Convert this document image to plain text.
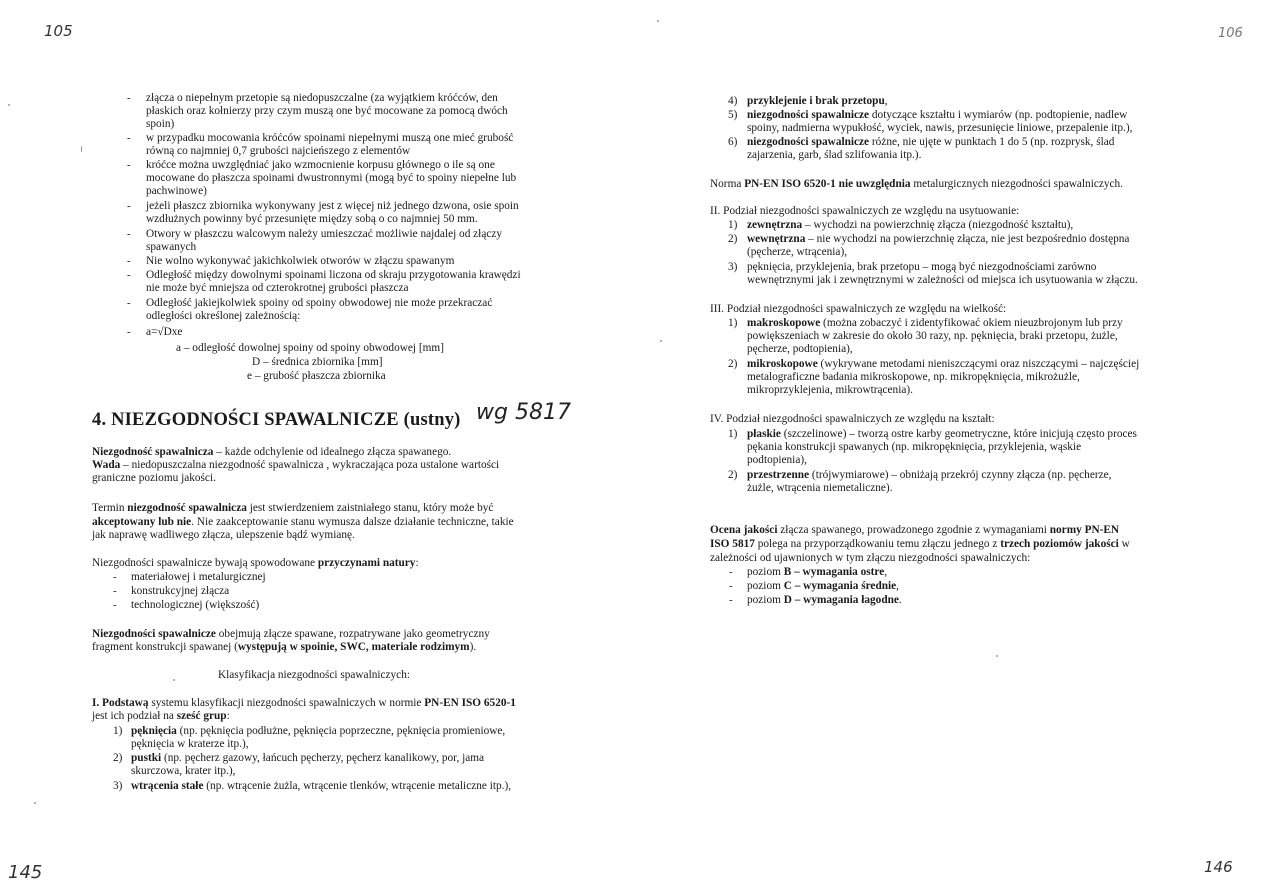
105	106
145	146
- złącza o niepełnym przetopie są niedopuszczalne (za wyjątkiem króćców, den
płaskich oraz kołnierzy przy czym muszą one być mocowane za pomocą dwóch
spoin)
- w przypadku mocowania króćców spoinami niepełnymi muszą one mieć grubość
równą co najmniej 0,7 grubości najcieńszego z elementów
- króćce można uwzględniać jako wzmocnienie korpusu głównego o ile są one
mocowane do płaszcza spoinami dwustronnymi (mogą być to spoiny niepełne lub
pachwinowe)
- jeżeli płaszcz zbiornika wykonywany jest z więcej niż jednego dzwona, osie spoin
wzdłużnych powinny być przesunięte między sobą o co najmniej 50 mm.
- Otwory w płaszczu walcowym należy umieszczać możliwie najdalej od złączy
spawanych
- Nie wolno wykonywać jakichkolwiek otworów w złączu spawanym
- Odległość między dowolnymi spoinami liczona od skraju przygotowania krawędzi
nie może być mniejsza od czterokrotnej grubości płaszcza
- Odległość jakiejkolwiek spoiny od spoiny obwodowej nie może przekraczać
odległości określonej zależnością:
- a=√Dxe
a – odległość dowolnej spoiny od spoiny obwodowej [mm]
D – średnica zbiornika [mm]
e – grubość płaszcza zbiornika
4. NIEZGODNOŚCI SPAWALNICZE (ustny) wg 5817
Niezgodność spawalnicza – każde odchylenie od idealnego złącza spawanego.
Wada – niedopuszczalna niezgodność spawalnicza , wykraczająca poza ustalone wartości
graniczne poziomu jakości.
Termin niezgodność spawalnicza jest stwierdzeniem zaistniałego stanu, który może być
akceptowany lub nie. Nie zaakceptowanie stanu wymusza dalsze działanie techniczne, takie
jak naprawę wadliwego złącza, ulepszenie bądź wymianę.
Niezgodności spawalnicze bywają spowodowane przyczynami natury:
- materiałowej i metalurgicznej
- konstrukcyjnej złącza
- technologicznej (większość)
Niezgodności spawalnicze obejmują złącze spawane, rozpatrywane jako geometryczny
fragment konstrukcji spawanej (występują w spoinie, SWC, materiale rodzimym).
Klasyfikacja niezgodności spawalniczych:
I. Podstawą systemu klasyfikacji niezgodności spawalniczych w normie PN-EN ISO 6520-1
jest ich podział na sześć grup:
1) pęknięcia (np. pęknięcia podłużne, pęknięcia poprzeczne, pęknięcia promieniowe,
pęknięcia w kraterze itp.),
2) pustki (np. pęcherz gazowy, łańcuch pęcherzy, pęcherz kanalikowy, por, jama
skurczowa, krater itp.),
3) wtrącenia stałe (np. wtrącenie żużla, wtrącenie tlenków, wtrącenie metaliczne itp.),
4) przyklejenie i brak przetopu,
5) niezgodności spawalnicze dotyczące kształtu i wymiarów (np. podtopienie, nadlew
spoiny, nadmierna wypukłość, wyciek, nawis, przesunięcie liniowe, przepalenie itp.),
6) niezgodności spawalnicze różne, nie ujęte w punktach 1 do 5 (np. rozprysk, ślad
zajarzenia, garb, ślad szlifowania itp.).
Norma PN-EN ISO 6520-1 nie uwzględnia metalurgicznych niezgodności spawalniczych.
II. Podział niezgodności spawalniczych ze względu na usytuowanie:
1) zewnętrzna – wychodzi na powierzchnię złącza (niezgodność kształtu),
2) wewnętrzna – nie wychodzi na powierzchnię złącza, nie jest bezpośrednio dostępna
(pęcherze, wtrącenia),
3) pęknięcia, przyklejenia, brak przetopu – mogą być niezgodnościami zarówno
wewnętrznymi jak i zewnętrznymi w zależności od miejsca ich usytuowania w złączu.
III. Podział niezgodności spawalniczych ze względu na wielkość:
1) makroskopowe (można zobaczyć i zidentyfikować okiem nieuzbrojonym lub przy
powiększeniach w zakresie do około 30 razy, np. pęknięcia, braki przetopu, żużle,
pęcherze, podtopienia),
2) mikroskopowe (wykrywane metodami nieniszczącymi oraz niszczącymi – najczęściej
metalograficzne badania mikroskopowe, np. mikropęknięcia, mikrożużle,
mikroprzyklejenia, mikrowtrącenia).
IV. Podział niezgodności spawalniczych ze względu na kształt:
1) płaskie (szczelinowe) – tworzą ostre karby geometryczne, które inicjują często proces
pękania konstrukcji spawanych (np. mikropęknięcia, przyklejenia, wąskie
podtopienia),
2) przestrzenne (trójwymiarowe) – obniżają przekrój czynny złącza (np. pęcherze,
żużle, wtrącenia niemetaliczne).
Ocena jakości złącza spawanego, prowadzonego zgodnie z wymaganiami normy PN-EN
ISO 5817 polega na przyporządkowaniu temu złączu jednego z trzech poziomów jakości w
zależności od ujawnionych w tym złączu niezgodności spawalniczych:
- poziom B – wymagania ostre,
- poziom C – wymagania średnie,
- poziom D – wymagania łagodne.
